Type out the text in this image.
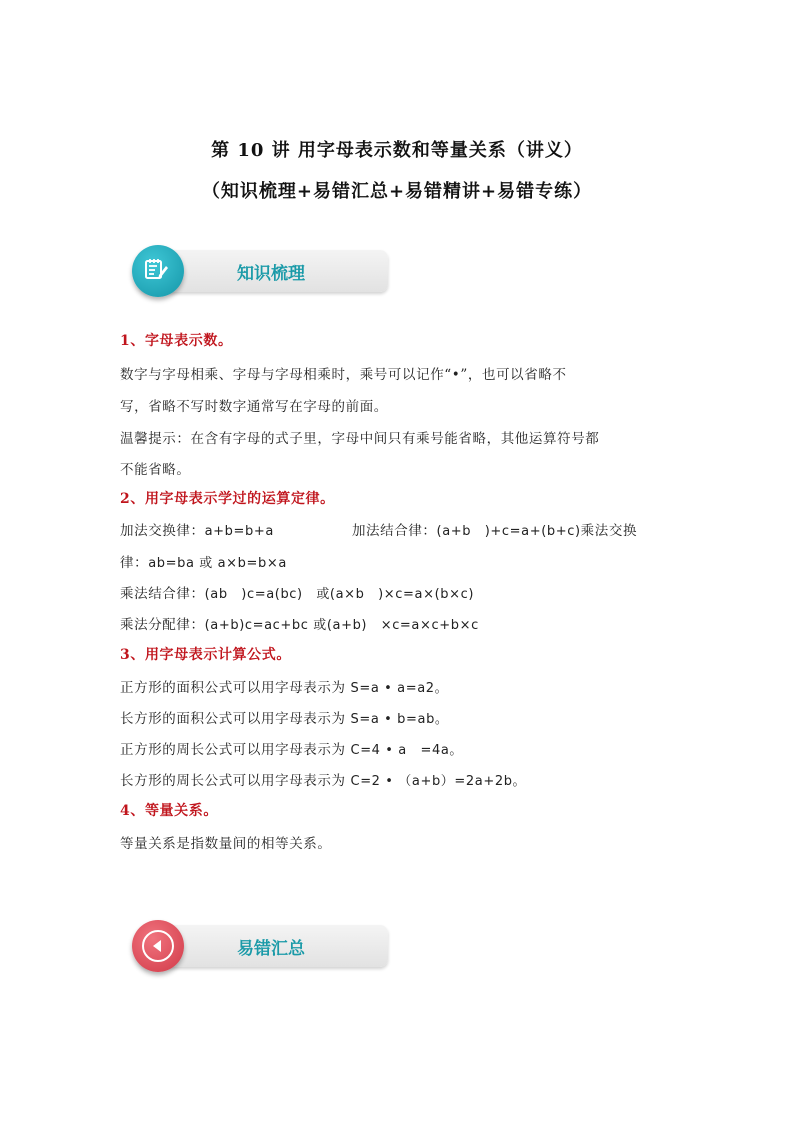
第 10 讲 用字母表示数和等量关系（讲义）
（知识梳理+易错汇总+易错精讲+易错专练）
知识梳理
1、字母表示数。
数字与字母相乘、字母与字母相乘时，乘号可以记作“•”，也可以省略不
写，省略不写时数字通常写在字母的前面。
温馨提示：在含有字母的式子里，字母中间只有乘号能省略，其他运算符号都
不能省略。
2、用字母表示学过的运算定律。
加法交换律：a+b=b+a	加法结合律：(a+b　)+c=a+(b+c)乘法交换
律：ab=ba 或 a×b=b×a
乘法结合律：(ab　)c=a(bc)　或(a×b　)×c=a×(b×c)
乘法分配律：(a+b)c=ac+bc 或(a+b)　×c=a×c+b×c
3、用字母表示计算公式。
正方形的面积公式可以用字母表示为 S=a • a=a2。
长方形的面积公式可以用字母表示为 S=a • b=ab。
正方形的周长公式可以用字母表示为 C=4 • a　=4a。
长方形的周长公式可以用字母表示为 C=2 • （a+b）=2a+2b。
4、等量关系。
等量关系是指数量间的相等关系。
易错汇总
